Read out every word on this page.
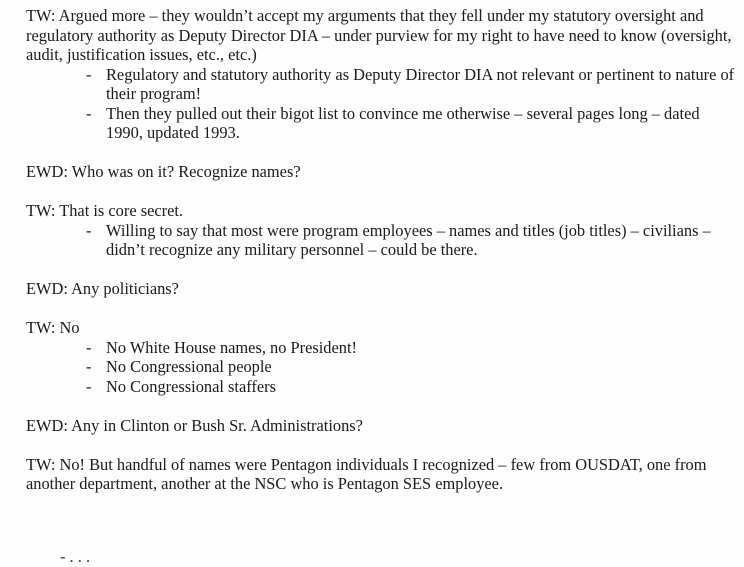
TW: Argued more – they wouldn’t accept my arguments that they fell under my statutory oversight and regulatory authority as Deputy Director DIA – under purview for my right to have need to know (oversight, audit, justification issues, etc., etc.)

- Regulatory and statutory authority as Deputy Director DIA not relevant or pertinent to nature of their program!
- Then they pulled out their bigot list to convince me otherwise – several pages long – dated 1990, updated 1993.

EWD: Who was on it? Recognize names?

TW: That is core secret.

- Willing to say that most were program employees – names and titles (job titles) – civilians – didn’t recognize any military personnel – could be there.

EWD: Any politicians?

TW: No

- No White House names, no President!
- No Congressional people
- No Congressional staffers

EWD: Any in Clinton or Bush Sr. Administrations?

TW: No! But handful of names were Pentagon individuals I recognized – few from OUSDAT, one from another department, another at the NSC who is Pentagon SES employee.

- . . .
